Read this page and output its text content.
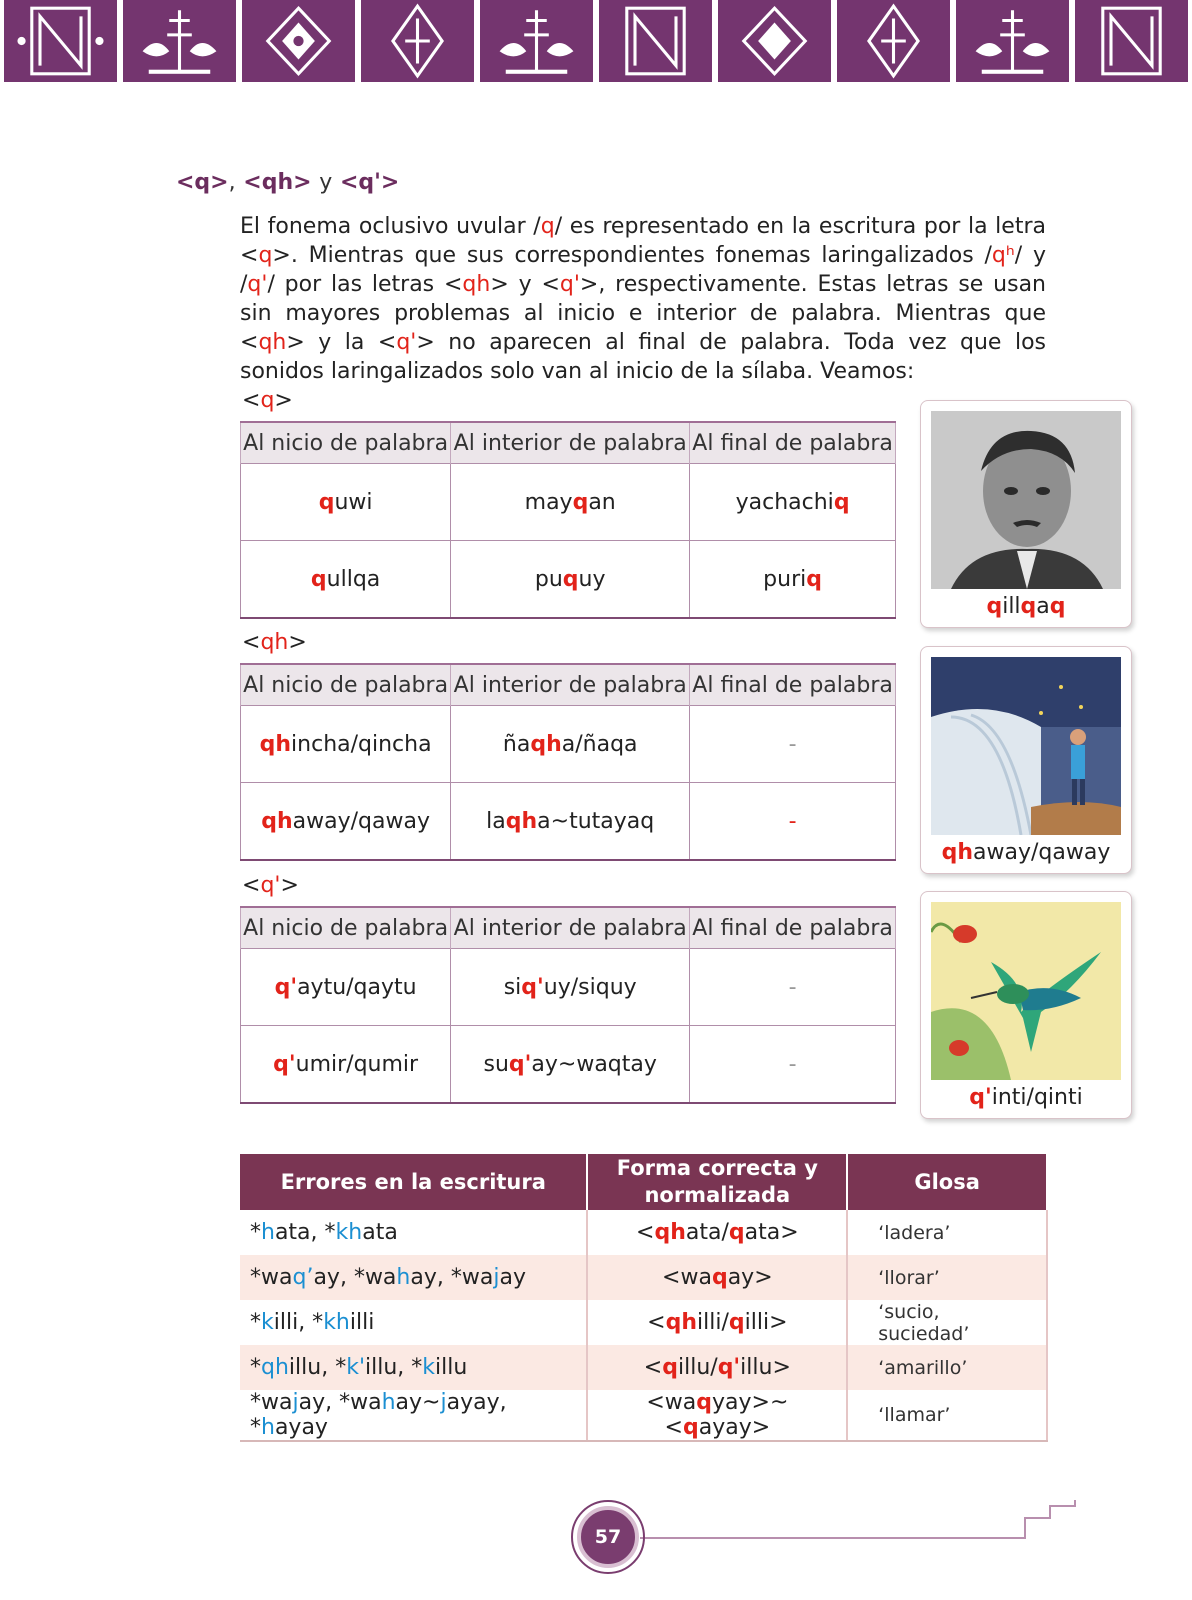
<q>, <qh> y <q'>
El fonema oclusivo uvular /q/ es representado en la escritura por la letra <q>. Mientras que sus correspondientes fonemas laringalizados /qʰ/ y /q'/ por las letras <qh> y <q'>, respectivamente. Estas letras se usan sin mayores problemas al inicio e interior de palabra. Mientras que <qh> y la <q'> no aparecen al final de palabra. Toda vez que los sonidos laringalizados solo van al inicio de la sílaba. Veamos:
<q>
Al nicio de palabra	Al interior de palabra	Al final de palabra
quwi	mayqan	yachachiq
qullqa	puquy	puriq
<qh>
Al nicio de palabra	Al interior de palabra	Al final de palabra
qhincha/qincha	ñaqha/ñaqa	-
qhaway/qaway	laqha~tutayaq	-
<q'>
Al nicio de palabra	Al interior de palabra	Al final de palabra
q'aytu/qaytu	siq'uy/siquy	-
q'umir/qumir	suq'ay~waqtay	-
qillqaq
qhaway/qaway
q'inti/qinti
Errores en la escritura	Forma correcta y normalizada	Glosa
*hata, *khata	<qhata/qata>	‘ladera’
*waq’ay, *wahay, *wajay	<waqay>	‘llorar’
*killi, *khilli	<qhilli/qilli>	‘sucio, suciedad’
*qhillu, *k'illu, *killu	<qillu/q'illu>	‘amarillo’
*wajay, *wahay~jayay, *hayay	<waqyay>~<qayay>	‘llamar’
57
